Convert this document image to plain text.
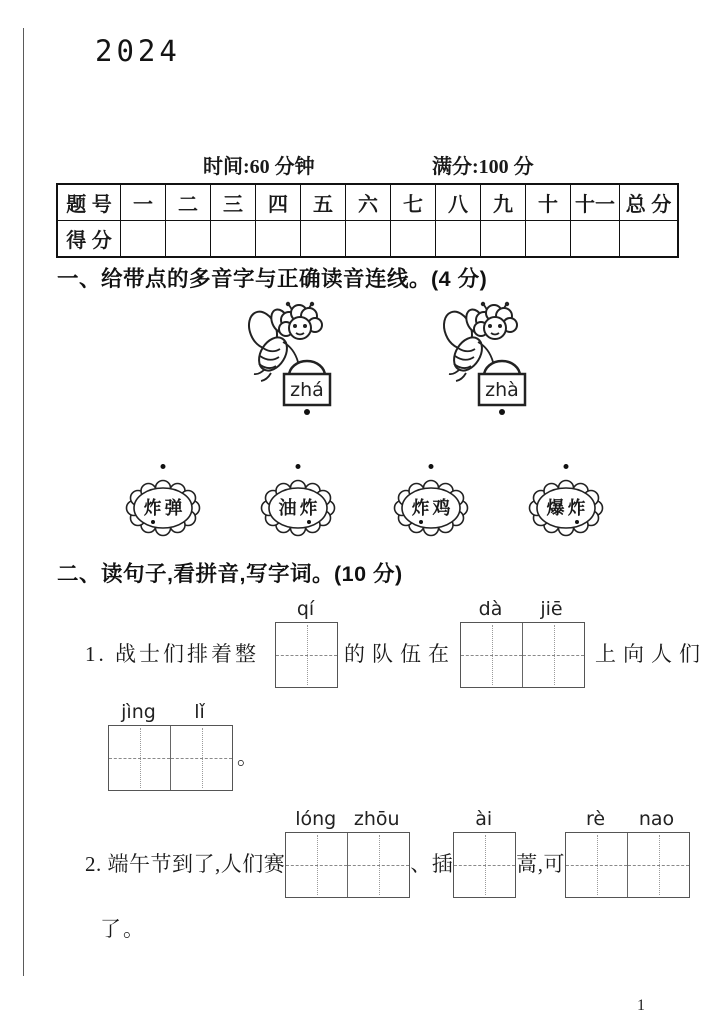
2024
时间:60 分钟	满分:100 分
题 号	一	二	三	四	五	六	七	八	九	十	十一	总 分
得 分												
一、给带点的多音字与正确读音连线。(4 分)
zhá	zhà
炸 弹	油 炸	炸 鸡	爆 炸
二、读句子,看拼音,写字词。(10 分)
1. 战士们排着整
qí
的队伍在
dà	jiē
上向人们
jìng	lǐ
。
2. 端午节到了,人们赛
lóng zhōu
、插
ài
蒿,可
rè	nao
了。
1
